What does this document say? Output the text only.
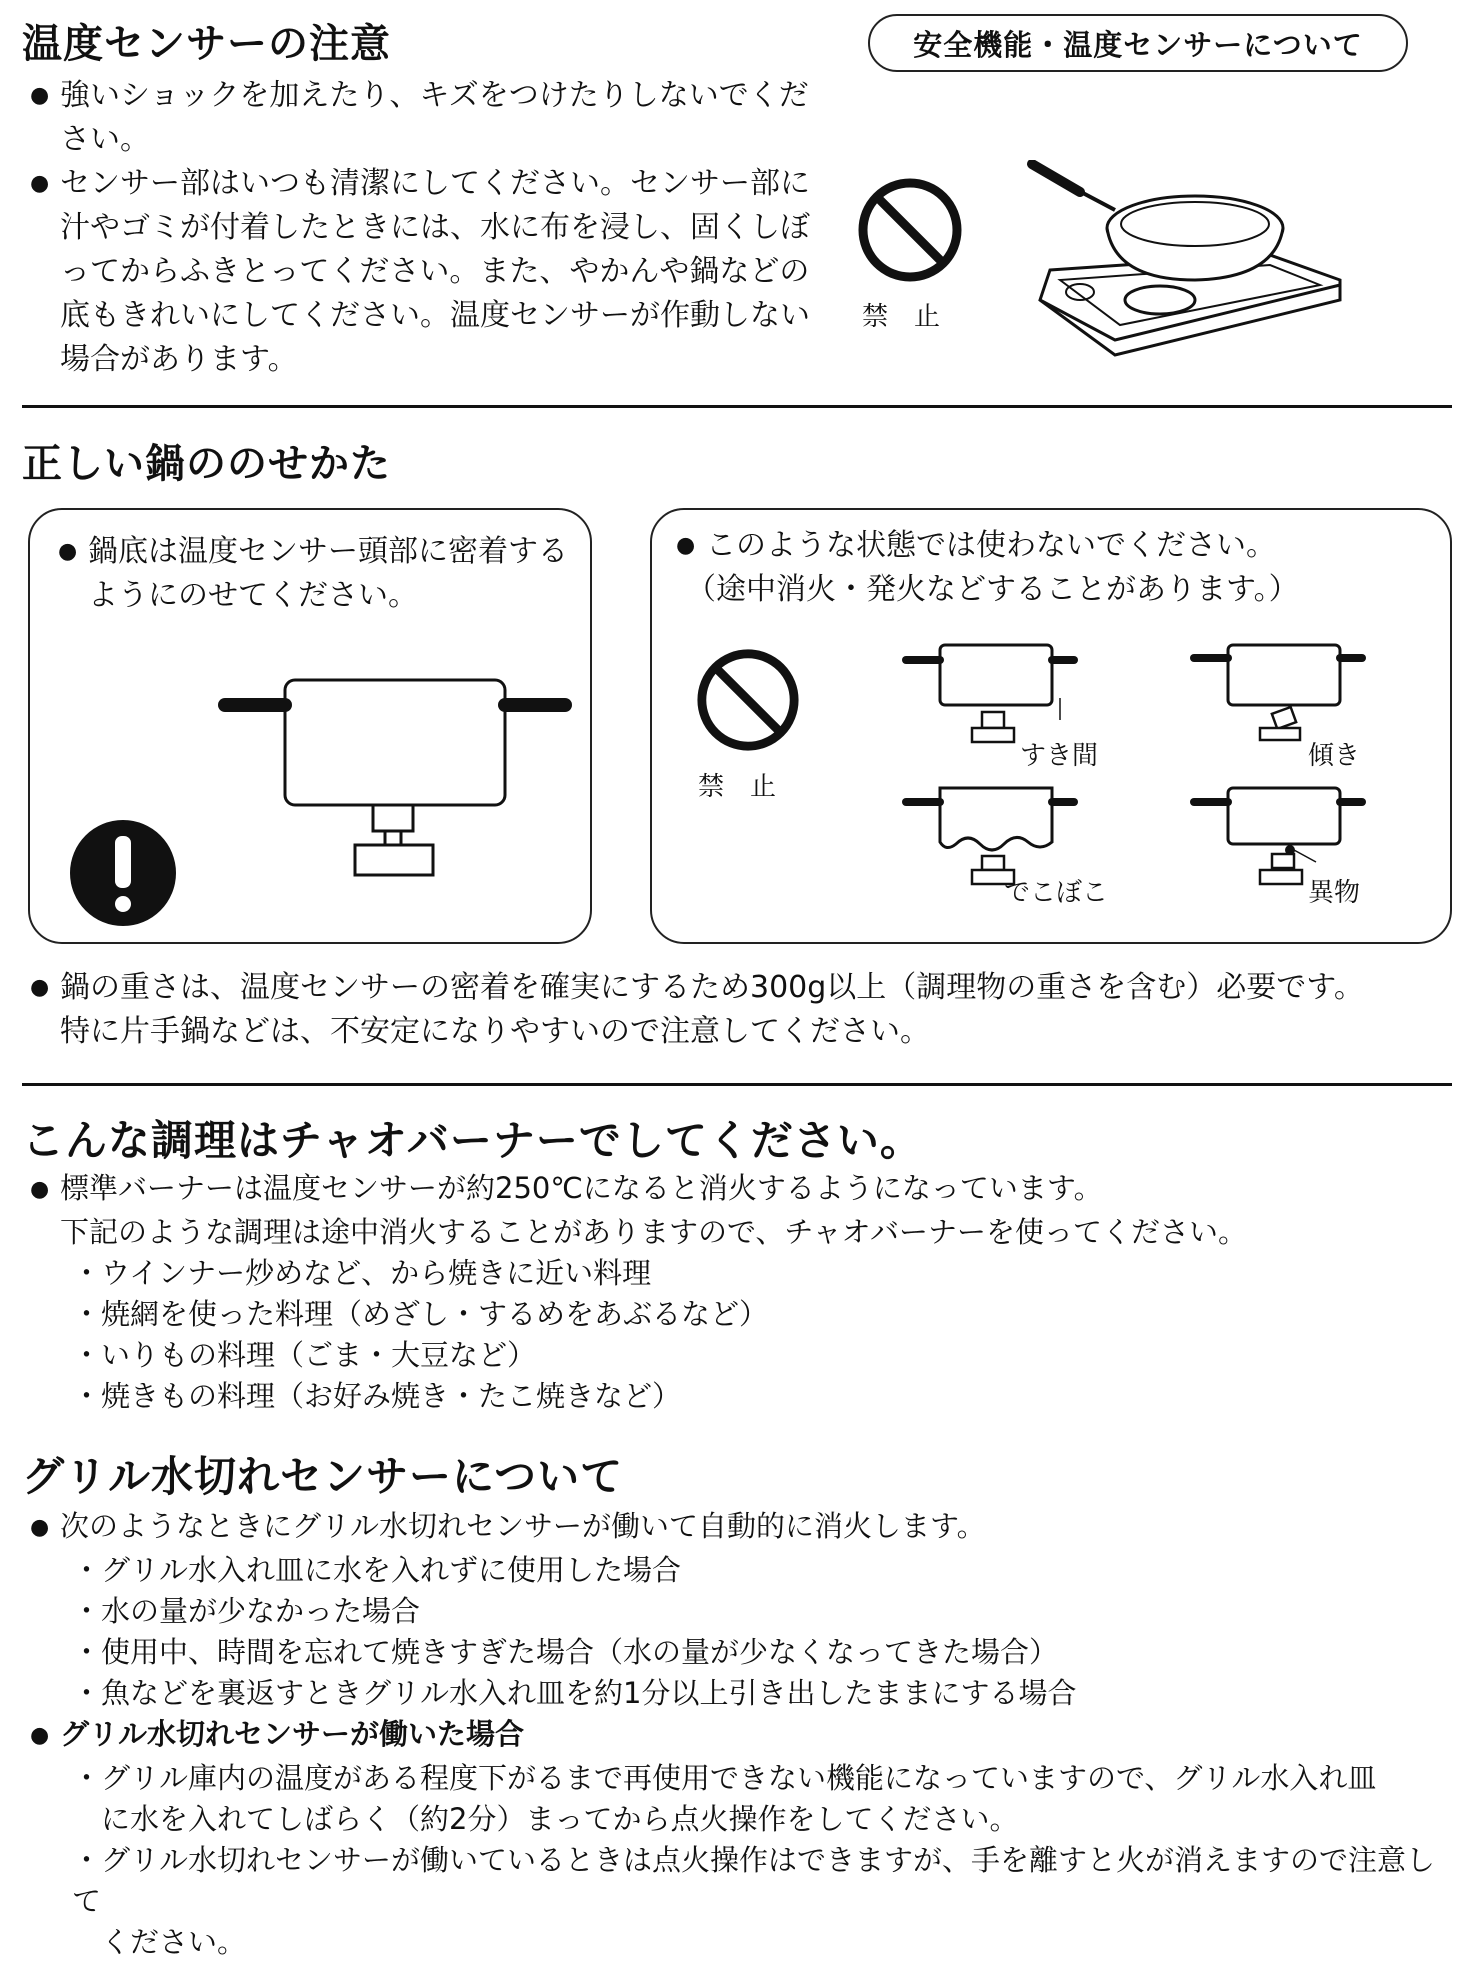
温度センサーの注意	安全機能・温度センサーについて
● 強いショックを加えたり、キズをつけたりしないでください。
● センサー部はいつも清潔にしてください。センサー部に汁やゴミが付着したときには、水に布を浸し、固くしぼってからふきとってください。また、やかんや鍋などの底もきれいにしてください。温度センサーが作動しない場合があります。
禁　止
正しい鍋ののせかた
● 鍋底は温度センサー頭部に密着するようにのせてください。
● このような状態では使わないでください。
（途中消火・発火などすることがあります。）
禁　止
すき間	傾き
でこぼこ	異物
● 鍋の重さは、温度センサーの密着を確実にするため300g以上（調理物の重さを含む）必要です。
特に片手鍋などは、不安定になりやすいので注意してください。
こんな調理はチャオバーナーでしてください。
● 標準バーナーは温度センサーが約250℃になると消火するようになっています。
下記のような調理は途中消火することがありますので、チャオバーナーを使ってください。
・ウインナー炒めなど、から焼きに近い料理
・焼網を使った料理（めざし・するめをあぶるなど）
・いりもの料理（ごま・大豆など）
・焼きもの料理（お好み焼き・たこ焼きなど）
グリル水切れセンサーについて
● 次のようなときにグリル水切れセンサーが働いて自動的に消火します。
・グリル水入れ皿に水を入れずに使用した場合
・水の量が少なかった場合
・使用中、時間を忘れて焼きすぎた場合（水の量が少なくなってきた場合）
・魚などを裏返すときグリル水入れ皿を約1分以上引き出したままにする場合
● グリル水切れセンサーが働いた場合
・グリル庫内の温度がある程度下がるまで再使用できない機能になっていますので、グリル水入れ皿
　に水を入れてしばらく（約2分）まってから点火操作をしてください。
・グリル水切れセンサーが働いているときは点火操作はできますが、手を離すと火が消えますので注意して
　ください。
